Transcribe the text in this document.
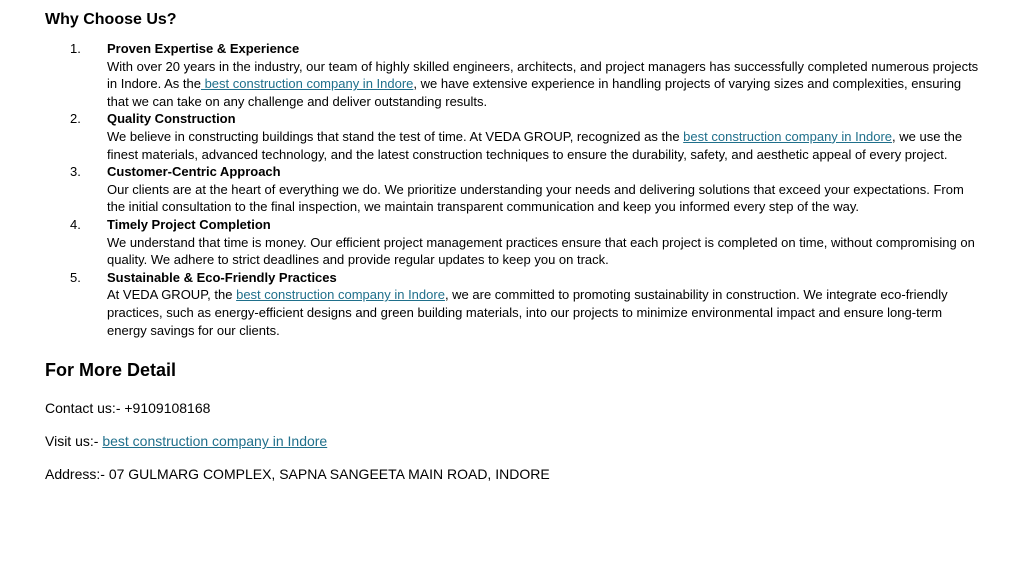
Why Choose Us?
1. Proven Expertise & Experience
With over 20 years in the industry, our team of highly skilled engineers, architects, and project managers has successfully completed numerous projects in Indore. As the best construction company in Indore, we have extensive experience in handling projects of varying sizes and complexities, ensuring that we can take on any challenge and deliver outstanding results.
2. Quality Construction
We believe in constructing buildings that stand the test of time. At VEDA GROUP, recognized as the best construction company in Indore, we use the finest materials, advanced technology, and the latest construction techniques to ensure the durability, safety, and aesthetic appeal of every project.
3. Customer-Centric Approach
Our clients are at the heart of everything we do. We prioritize understanding your needs and delivering solutions that exceed your expectations. From the initial consultation to the final inspection, we maintain transparent communication and keep you informed every step of the way.
4. Timely Project Completion
We understand that time is money. Our efficient project management practices ensure that each project is completed on time, without compromising on quality. We adhere to strict deadlines and provide regular updates to keep you on track.
5. Sustainable & Eco-Friendly Practices
At VEDA GROUP, the best construction company in Indore, we are committed to promoting sustainability in construction. We integrate eco-friendly practices, such as energy-efficient designs and green building materials, into our projects to minimize environmental impact and ensure long-term energy savings for our clients.
For More Detail

Contact us:- +9109108168

Visit us:- best construction company in Indore

Address:- 07 GULMARG COMPLEX, SAPNA SANGEETA MAIN ROAD, INDORE
